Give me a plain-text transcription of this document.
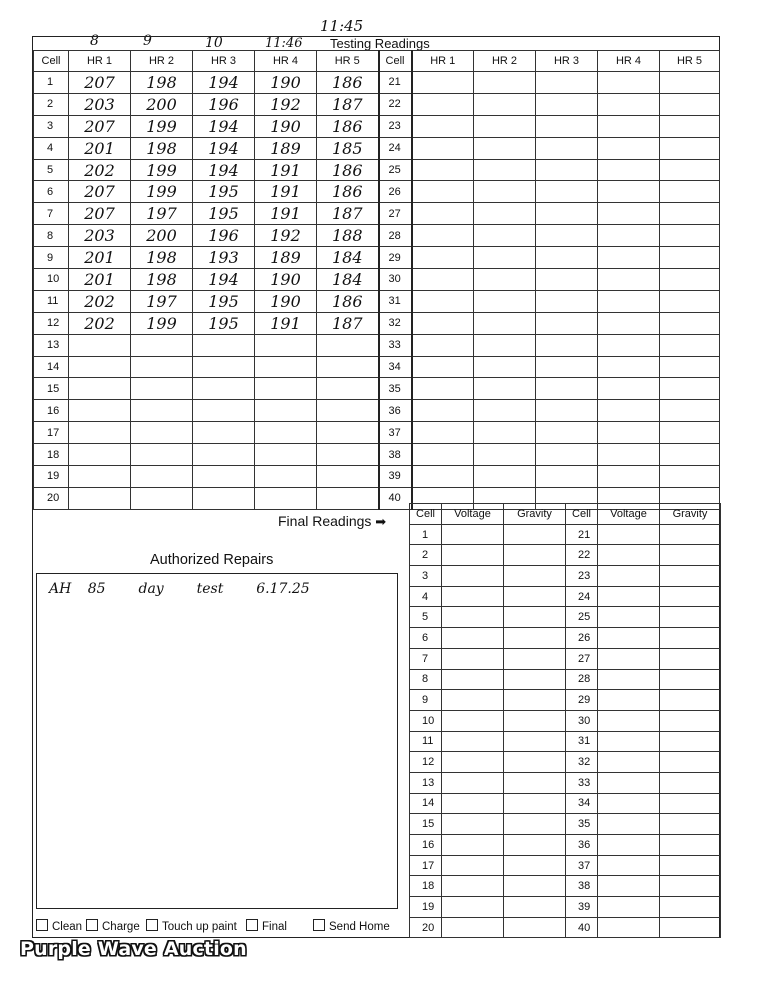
11:45
8	9	10	11:46 Testing Readings
Cell	HR 1	HR 2	HR 3	HR 4	HR 5	Cell	HR 1	HR 2	HR 3	HR 4	HR 5
1	207	198	194	190	186	21					
2	203	200	196	192	187	22					
3	207	199	194	190	186	23					
4	201	198	194	189	185	24					
5	202	199	194	191	186	25					
6	207	199	195	191	186	26					
7	207	197	195	191	187	27					
8	203	200	196	192	188	28					
9	201	198	193	189	184	29					
10	201	198	194	190	184	30					
11	202	197	195	190	186	31					
12	202	199	195	191	187	32					
13						33					
14						34					
15						35					
16						36					
17						37					
18						38					
19						39					
20						40					
Final Readings ➡
Cell	Voltage	Gravity	Cell	Voltage	Gravity
1			21		
2			22		
3			23		
4			24		
5			25		
6			26		
7			27		
8			28		
9			29		
10			30		
11			31		
12			32		
13			33		
14			34		
15			35		
16			36		
17			37		
18			38		
19			39		
20			40		
Authorized Repairs
AH 85  day  test  6.17.25
Clean	Charge	Touch up paint	Final	Send Home
Purple Wave Auction
